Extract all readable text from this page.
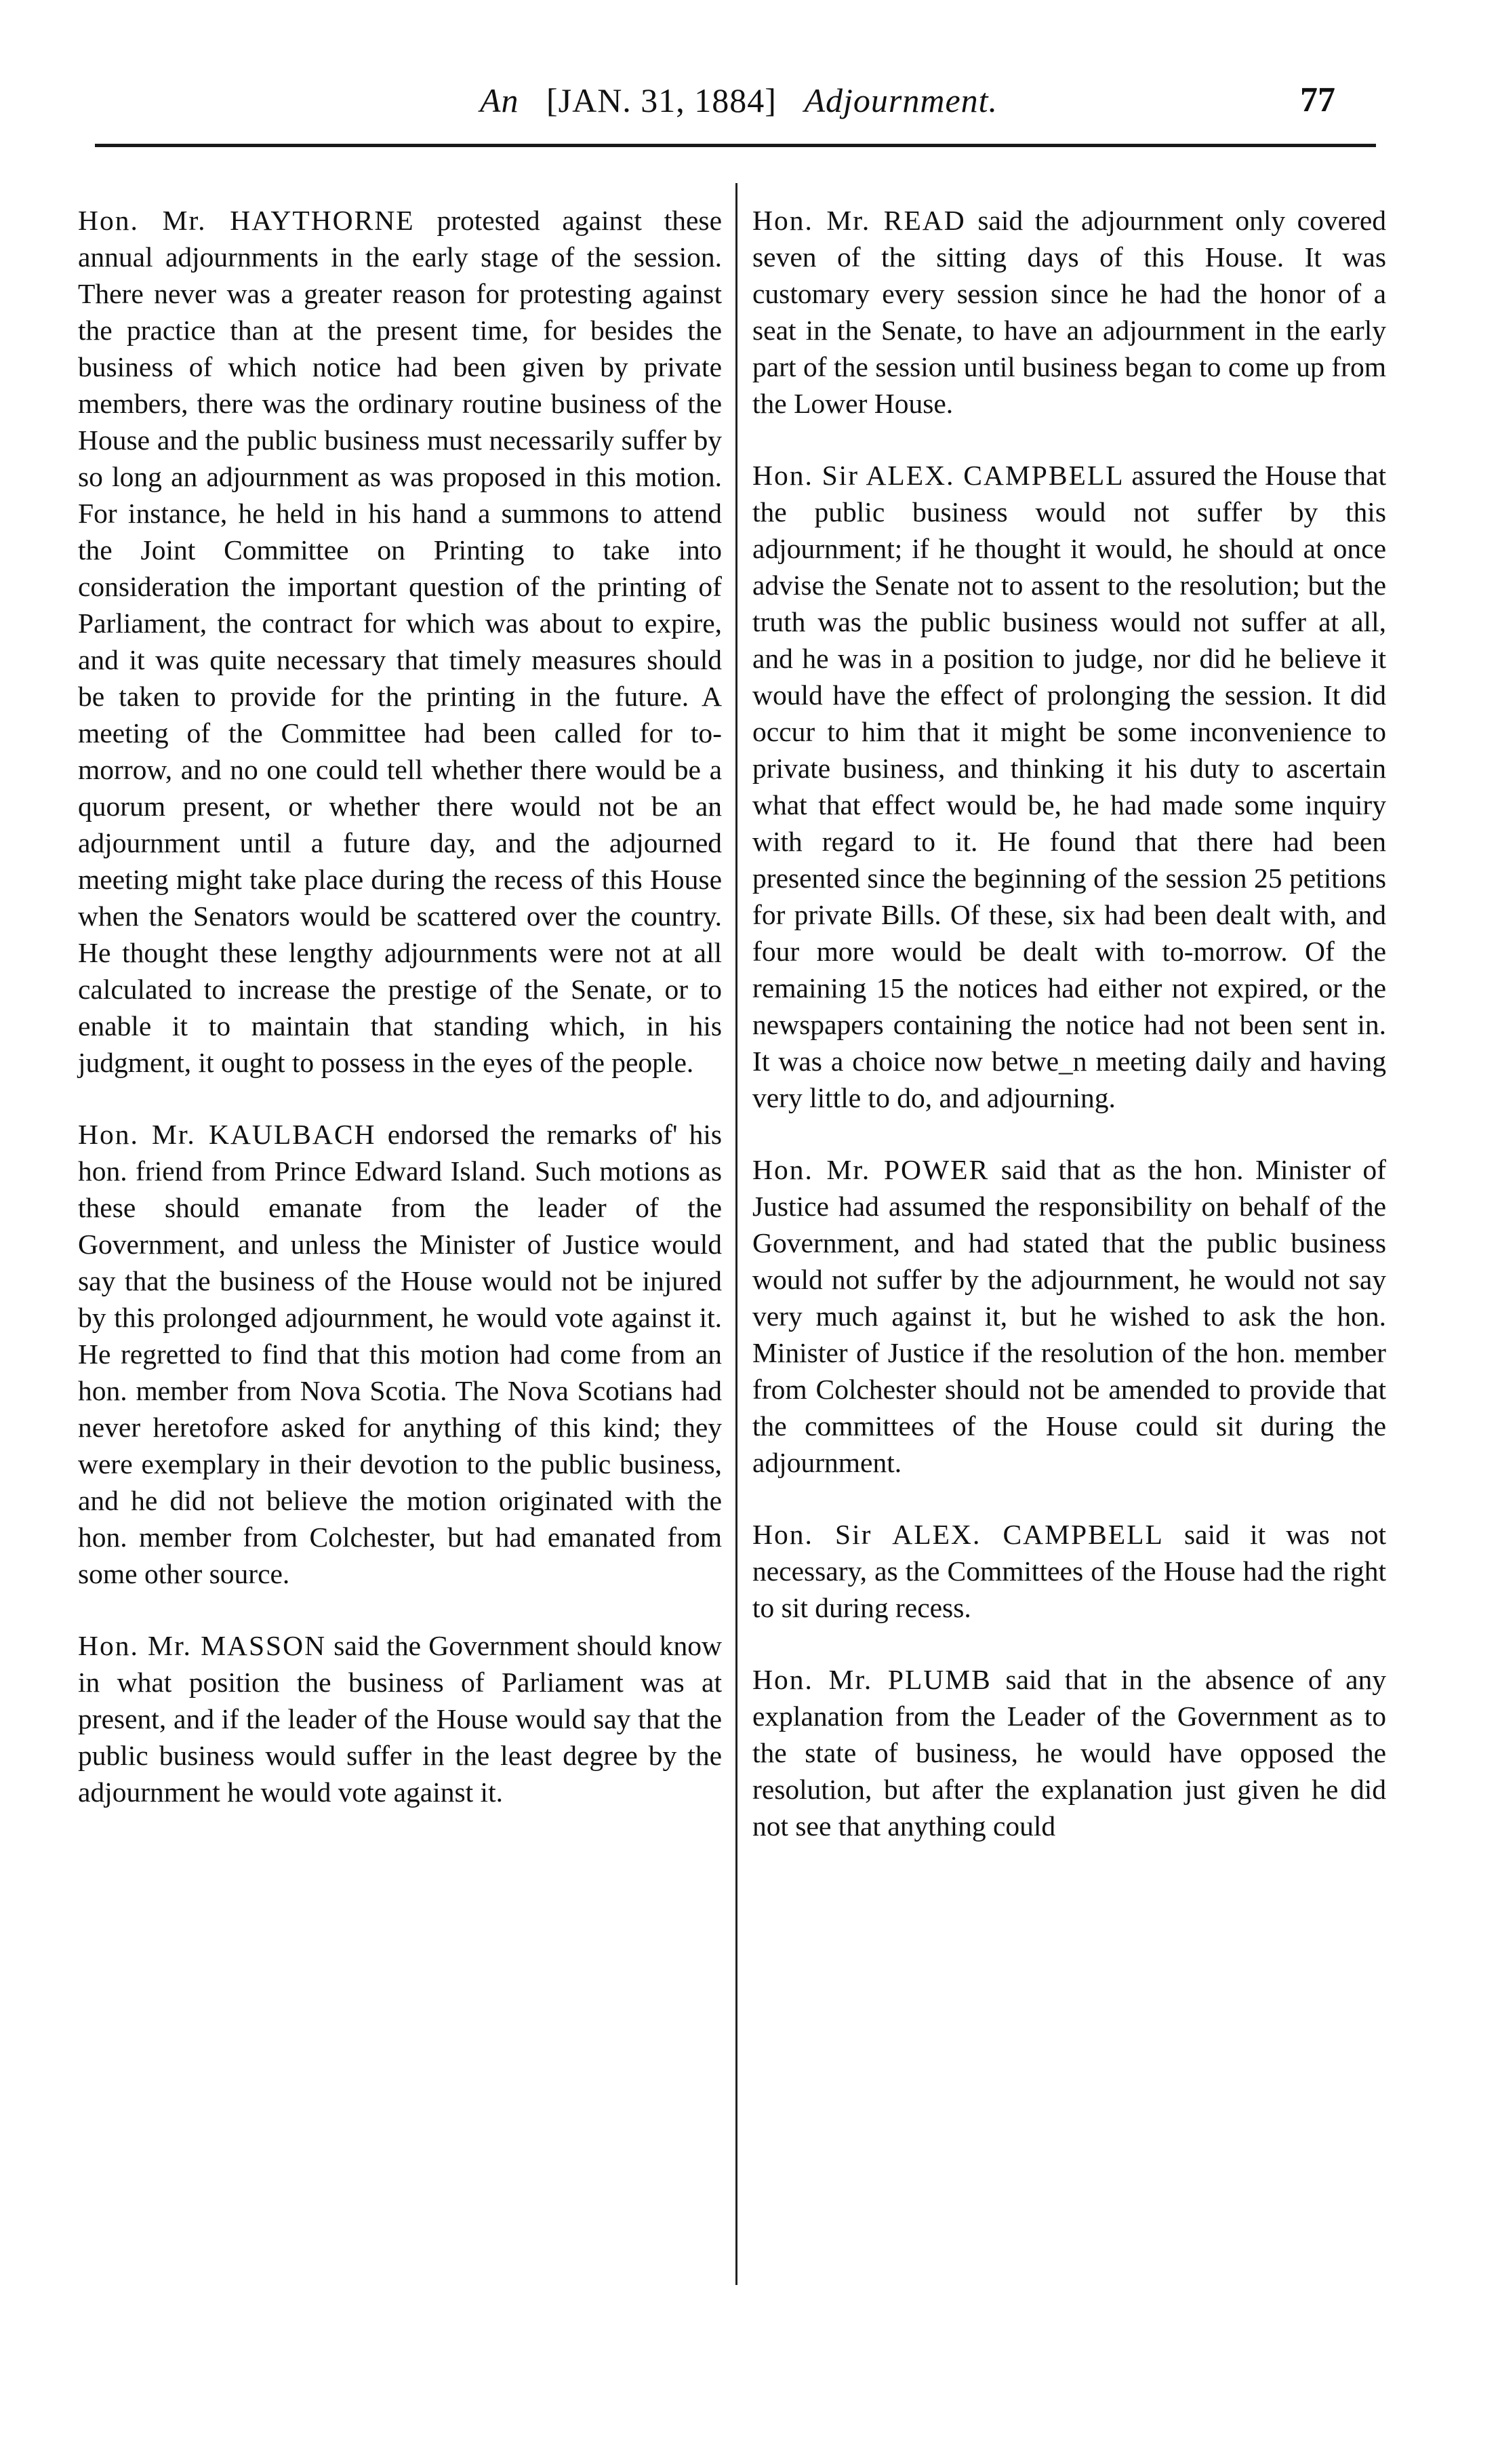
An [JAN. 31, 1884] Adjournment.	77

Hon. Mr. HAYTHORNE protested against these annual adjournments in the early stage of the session. There never was a greater reason for protesting against the practice than at the present time, for besides the business of which notice had been given by private members, there was the ordinary routine business of the House and the public business must necessarily suffer by so long an adjournment as was proposed in this motion. For instance, he held in his hand a summons to attend the Joint Committee on Printing to take into consideration the important question of the printing of Parliament, the contract for which was about to expire, and it was quite necessary that timely measures should be taken to provide for the printing in the future. A meeting of the Committee had been called for to-morrow, and no one could tell whether there would be a quorum present, or whether there would not be an adjournment until a future day, and the adjourned meeting might take place during the recess of this House when the Senators would be scattered over the country. He thought these lengthy adjournments were not at all calculated to increase the prestige of the Senate, or to enable it to maintain that standing which, in his judgment, it ought to possess in the eyes of the people.

Hon. Mr. KAULBACH endorsed the remarks of' his hon. friend from Prince Edward Island. Such motions as these should emanate from the leader of the Government, and unless the Minister of Justice would say that the business of the House would not be injured by this prolonged adjournment, he would vote against it. He regretted to find that this motion had come from an hon. member from Nova Scotia. The Nova Scotians had never heretofore asked for anything of this kind; they were exemplary in their devotion to the public business, and he did not believe the motion originated with the hon. member from Colchester, but had emanated from some other source.

Hon. Mr. MASSON said the Government should know in what position the business of Parliament was at present, and if the leader of the House would say that the public business would suffer in the least degree by the adjournment he would vote against it.

Hon. Mr. READ said the adjournment only covered seven of the sitting days of this House. It was customary every session since he had the honor of a seat in the Senate, to have an adjournment in the early part of the session until business began to come up from the Lower House.

Hon. Sir ALEX. CAMPBELL assured the House that the public business would not suffer by this adjournment; if he thought it would, he should at once advise the Senate not to assent to the resolution; but the truth was the public business would not suffer at all, and he was in a position to judge, nor did he believe it would have the effect of prolonging the session. It did occur to him that it might be some inconvenience to private business, and thinking it his duty to ascertain what that effect would be, he had made some inquiry with regard to it. He found that there had been presented since the beginning of the session 25 petitions for private Bills. Of these, six had been dealt with, and four more would be dealt with to-morrow. Of the remaining 15 the notices had either not expired, or the newspapers containing the notice had not been sent in. It was a choice now betwe_n meeting daily and having very little to do, and adjourning.

Hon. Mr. POWER said that as the hon. Minister of Justice had assumed the responsibility on behalf of the Government, and had stated that the public business would not suffer by the adjournment, he would not say very much against it, but he wished to ask the hon. Minister of Justice if the resolution of the hon. member from Colchester should not be amended to provide that the committees of the House could sit during the adjournment.

Hon. Sir ALEX. CAMPBELL said it was not necessary, as the Committees of the House had the right to sit during recess.

Hon. Mr. PLUMB said that in the absence of any explanation from the Leader of the Government as to the state of business, he would have opposed the resolution, but after the explanation just given he did not see that anything could
